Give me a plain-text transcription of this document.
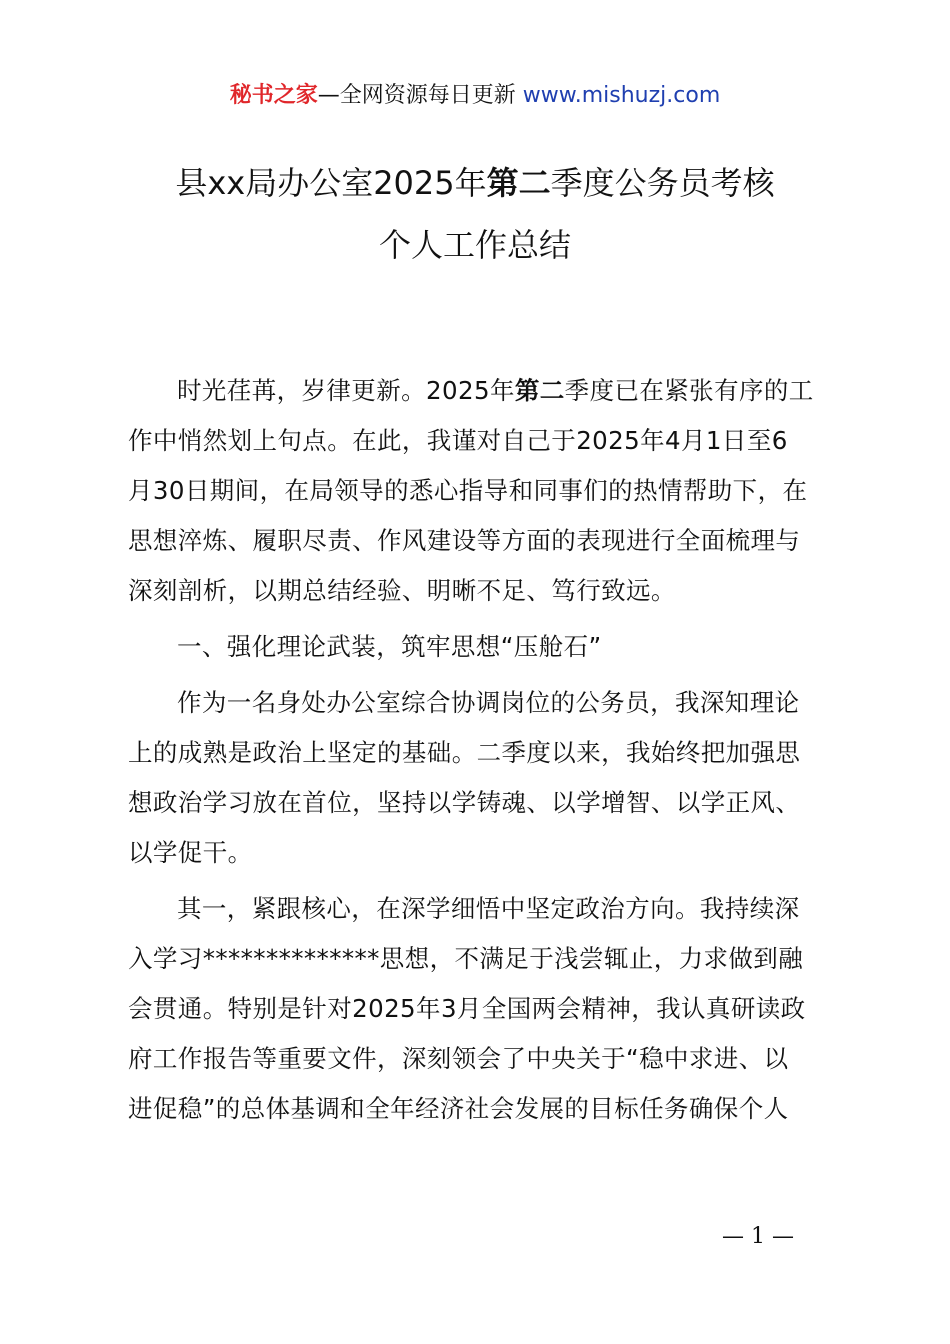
秘书之家—全网资源每日更新 www.mishuzj.com
县xx局办公室2025年第二季度公务员考核
个人工作总结
时光荏苒，岁律更新。2025年第二季度已在紧张有序的工
作中悄然划上句点。在此，我谨对自己于2025年4月1日至6
月30日期间，在局领导的悉心指导和同事们的热情帮助下，在
思想淬炼、履职尽责、作风建设等方面的表现进行全面梳理与
深刻剖析，以期总结经验、明晰不足、笃行致远。
一、强化理论武装，筑牢思想“压舱石”
作为一名身处办公室综合协调岗位的公务员，我深知理论
上的成熟是政治上坚定的基础。二季度以来，我始终把加强思
想政治学习放在首位，坚持以学铸魂、以学增智、以学正风、
以学促干。
其一，紧跟核心，在深学细悟中坚定政治方向。我持续深
入学习**************思想，不满足于浅尝辄止，力求做到融
会贯通。特别是针对2025年3月全国两会精神，我认真研读政
府工作报告等重要文件，深刻领会了中央关于“稳中求进、以
进促稳”的总体基调和全年经济社会发展的目标任务确保个人
— 1 —
